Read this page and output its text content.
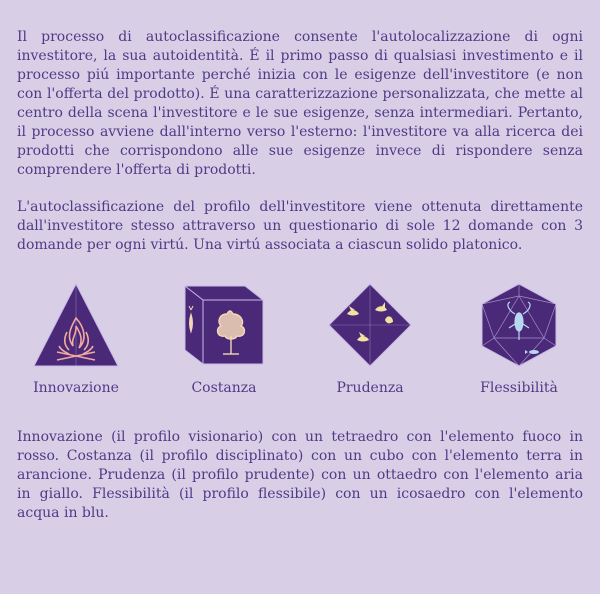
Il processo di autoclassificazione consente l'autolocalizzazione di ogni investitore, la sua autoidentità. É il primo passo di qualsiasi investimento e il processo piú importante perché inizia con le esigenze dell'investitore (e non con l'offerta del prodotto). É una caratterizzazione personalizzata, che mette al centro della scena l'investitore e le sue esigenze, senza intermediari. Pertanto, il processo avviene dall'interno verso l'esterno: l'investitore va alla ricerca dei prodotti che corrispondono alle sue esigenze invece di rispondere senza comprendere l'offerta di prodotti.

L'autoclassificazione del profilo dell'investitore viene ottenuta direttamente dall'investitore stesso attraverso un questionario di sole 12 domande con 3 domande per ogni virtú. Una virtú associata a ciascun solido platonico.

Innovazione	Costanza	Prudenza	Flessibilità

Innovazione (il profilo visionario) con un tetraedro con l'elemento fuoco in rosso. Costanza (il profilo disciplinato) con un cubo con l'elemento terra in arancione. Prudenza (il profilo prudente) con un ottaedro con l'elemento aria in giallo. Flessibilità (il profilo flessibile) con un icosaedro con l'elemento acqua in blu.
